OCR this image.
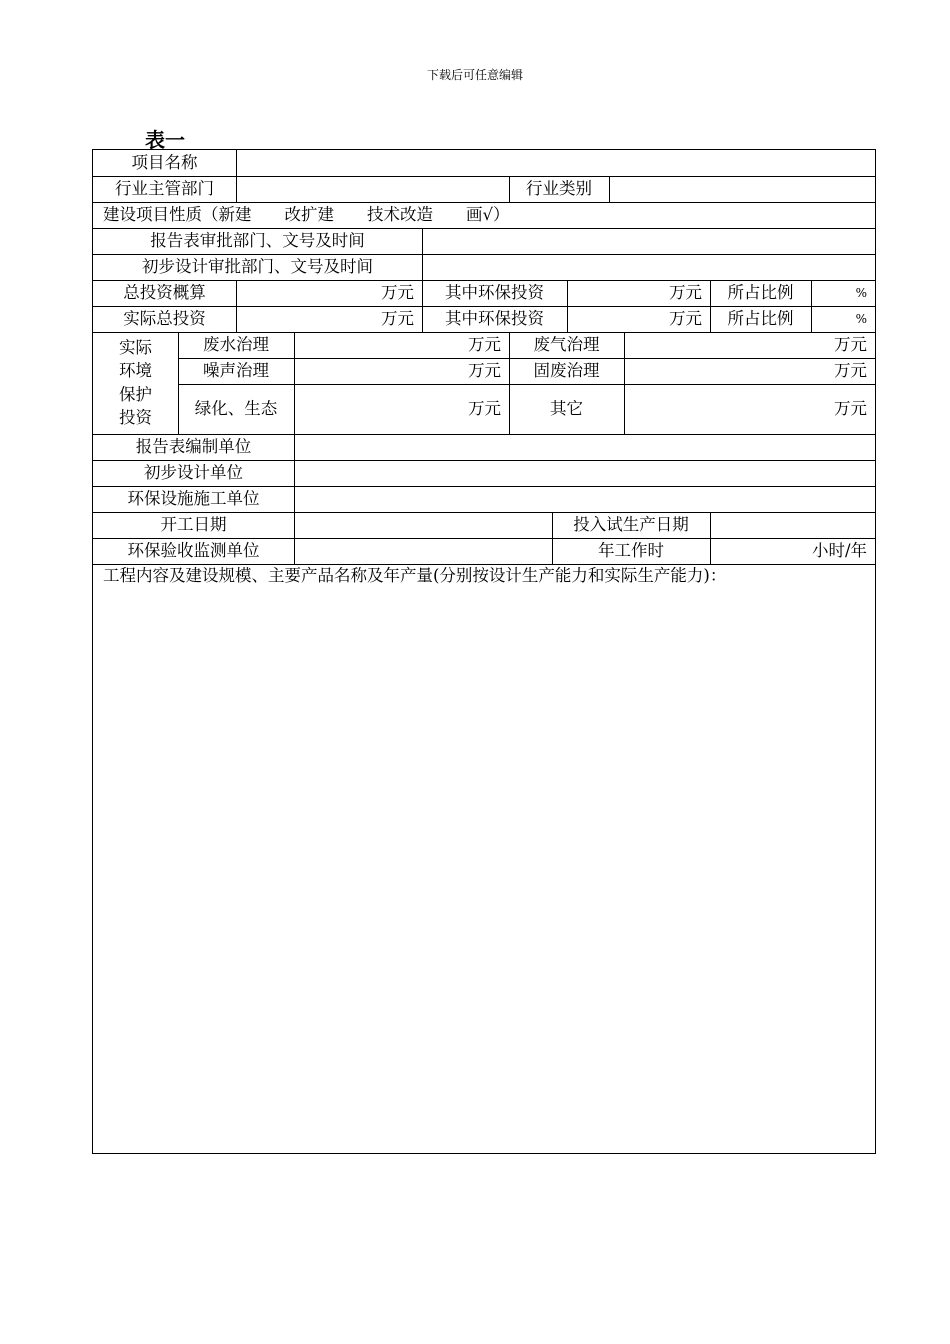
下载后可任意编辑
表一
项目名称
行业主管部门	行业类别
建设项目性质（新建　　改扩建　　技术改造　　画√）
报告表审批部门、文号及时间
初步设计审批部门、文号及时间
总投资概算	万元	其中环保投资	万元	所占比例	%
实际总投资	万元	其中环保投资	万元	所占比例	%
实际
环境
保护
投资
废水治理	万元	废气治理	万元
噪声治理	万元	固废治理	万元
绿化、生态	万元	其它	万元
报告表编制单位
初步设计单位
环保设施施工单位
开工日期	投入试生产日期
环保验收监测单位	年工作时	小时/年
工程内容及建设规模、主要产品名称及年产量(分别按设计生产能力和实际生产能力)：
